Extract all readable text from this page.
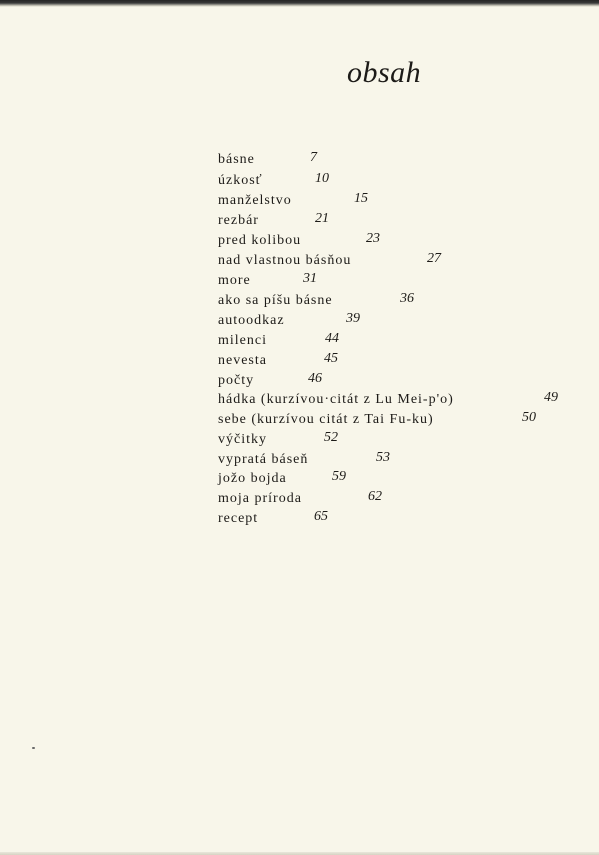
obsah
básne	7
úzkosť	10
manželstvo	15
rezbár	21
pred kolibou	23
nad vlastnou básňou	27
more	31
ako sa píšu básne	36
autoodkaz	39
milenci	44
nevesta	45
počty	46
hádka (kurzívou·citát z Lu Mei-p'o)	49
sebe (kurzívou citát z Tai Fu-ku)	50
výčitky	52
vypratá báseň	53
jožo bojda	59
moja príroda	62
recept	65
